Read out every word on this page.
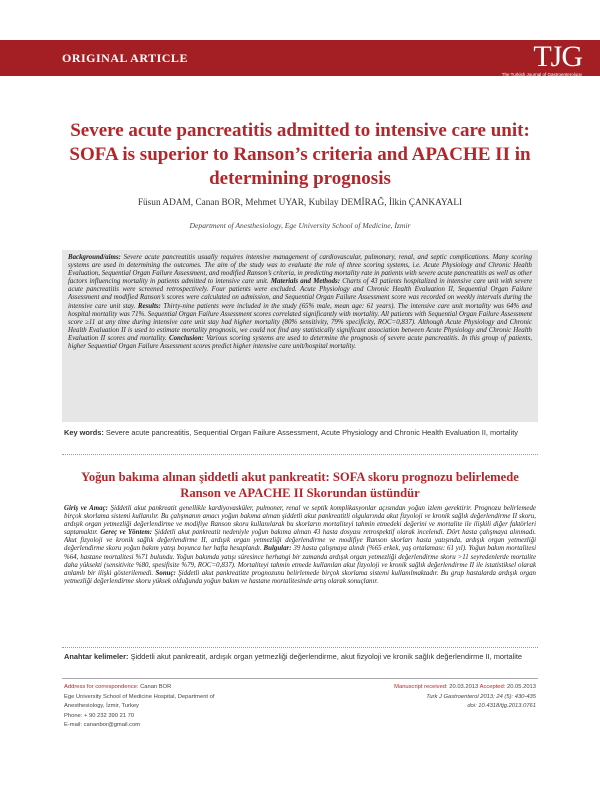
ORIGINAL ARTICLE	TJG
The Turkish Journal of Gastroenterology
Severe acute pancreatitis admitted to intensive care unit: SOFA is superior to Ranson’s criteria and APACHE II in determining prognosis
Füsun ADAM, Canan BOR, Mehmet UYAR, Kubilay DEMİRAĞ, İlkin ÇANKAYALI
Department of Anesthesiology, Ege University School of Medicine, İzmir

Background/aims: Severe acute pancreatitis usually requires intensive management of cardiovascular, pulmonary, renal, and septic complications. Many scoring systems are used in determining the outcomes. The aim of the study was to evaluate the role of three scoring systems, i.e. Acute Physiology and Chronic Health Evaluation, Sequential Organ Failure Assessment, and modified Ranson’s criteria, in predicting mortality rate in patients with severe acute pancreatitis as well as other factors influencing mortality in patients admitted to intensive care unit. Materials and Methods: Charts of 43 patients hospitalized in intensive care unit with severe acute pancreatitis were screened retrospectively. Four patients were excluded. Acute Physiology and Chronic Health Evaluation II, Sequential Organ Failure Assessment and modified Ranson’s scores were calculated on admission, and Sequential Organ Failure Assessment score was recorded on weekly intervals during the intensive care unit stay. Results: Thirty-nine patients were included in the study (65% male, mean age: 61 years). The intensive care unit mortality was 64% and hospital mortality was 71%. Sequential Organ Failure Assessment scores correlated significantly with mortality. All patients with Sequential Organ Failure Assessment score ≥11 at any time during intensive care unit stay had higher mortality (80% sensitivity, 79% specificity, ROC=0,837). Although Acute Physiology and Chronic Health Evaluation II is used to estimate mortality prognosis, we could not find any statistically significant association between Acute Physiology and Chronic Health Evaluation II scores and mortality. Conclusion: Various scoring systems are used to determine the prognosis of severe acute pancreatitis. In this group of patients, higher Sequential Organ Failure Assessment scores predict higher intensive care unit/hospital mortality.

Key words: Severe acute pancreatitis, Sequential Organ Failure Assessment, Acute Physiology and Chronic Health Evaluation II, mortality
Yoğun bakıma alınan şiddetli akut pankreatit: SOFA skoru prognozu belirlemede Ranson ve APACHE II Skorundan üstündür

Giriş ve Amaç: Şiddetli akut pankreatit genellikle kardiyovasküler, pulmoner, renal ve septik komplikasyonlar açısından yoğun izlem gerektirir. Prognozu belirlemede birçok skorlama sistemi kullanılır. Bu çalışmanın amacı yoğun bakıma alınan şiddetli akut pankreatitli olgularında akut fizyoloji ve kronik sağlık değerlendirme II skoru, ardışık organ yetmezliği değerlendirme ve modifiye Ranson skoru kullanılarak bu skorların mortaliteyi tahmin etmedeki değerini ve mortalite ile ilişkili diğer faktörleri saptamaktır. Gereç ve Yöntem: Şiddetli akut pankreatit nedeniyle yoğun bakıma alınan 43 hasta dosyası retrospektif olarak incelendi. Dört hasta çalışmaya alınmadı. Akut fizyoloji ve kronik sağlık değerlendirme II, ardışık organ yetmezliği değerlendirme ve modifiye Ranson skorları hasta yatışında, ardışık organ yetmezliği değerlendirme skoru yoğun bakım yatışı boyunca her hafta hesaplandı. Bulgular: 39 hasta çalışmaya alındı (%65 erkek, yaş ortalaması: 61 yıl). Yoğun bakım mortalitesi %64, hastane mortalitesi %71 bulundu. Yoğun bakımda yatışı süresince herhangi bir zamanda ardışık organ yetmezliği değerlendirme skoru >11 seyredenlerde mortalite daha yüksekti (sensitivite %80, spesifisite %79, ROC=0,837). Mortaliteyi tahmin etmede kullanılan akut fizyoloji ve kronik sağlık değerlendirme II ile istatistiksel olarak anlamlı bir ilişki gösterilemedi. Sonuç: Şiddetli akut pankreatitte prognozunu belirlemede birçok skorlama sistemi kullanılmaktadır. Bu grup hastalarda ardışık organ yetmezliği değerlendirme skoru yüksek olduğunda yoğun bakım ve hastane mortalitesinde artış olarak sonuçlanır.

Anahtar kelimeler: Şiddetli akut pankreatit, ardışık organ yetmezliği değerlendirme, akut fizyoloji ve kronik sağlık değerlendirme II, mortalite
Address for correspondence: Canan BOR
Ege University School of Medicine Hospital, Department of
Anesthesiology, İzmir, Turkey
Phone: + 90 232 390 21 70
E-mail: cananbor@gmail.com
Manuscript received: 20.03.2013 Accepted: 20.05.2013
Turk J Gastroenterol 2013; 24 (5): 430-435
doi: 10.4318/tjg.2013.0761
